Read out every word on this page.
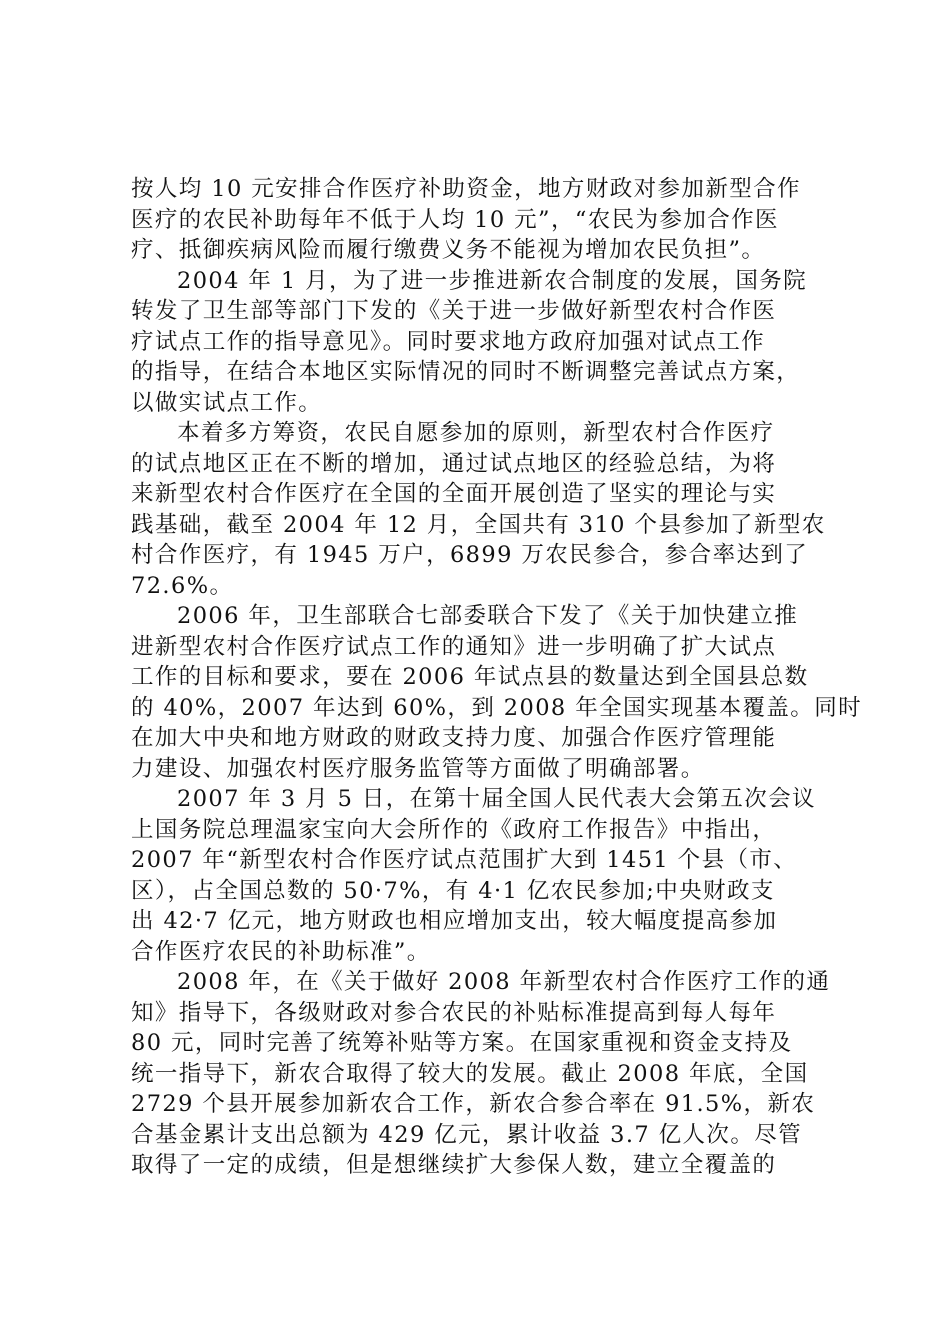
按人均 10 元安排合作医疗补助资金，地方财政对参加新型合作
医疗的农民补助每年不低于人均 10 元”，“农民为参加合作医
疗、抵御疾病风险而履行缴费义务不能视为增加农民负担”。
2004 年 1 月，为了进一步推进新农合制度的发展，国务院
转发了卫生部等部门下发的《关于进一步做好新型农村合作医
疗试点工作的指导意见》。同时要求地方政府加强对试点工作
的指导，在结合本地区实际情况的同时不断调整完善试点方案，
以做实试点工作。
本着多方筹资，农民自愿参加的原则，新型农村合作医疗
的试点地区正在不断的增加，通过试点地区的经验总结，为将
来新型农村合作医疗在全国的全面开展创造了坚实的理论与实
践基础，截至 2004 年 12 月，全国共有 310 个县参加了新型农
村合作医疗，有 1945 万户，6899 万农民参合，参合率达到了
72.6%。
2006 年，卫生部联合七部委联合下发了《关于加快建立推
进新型农村合作医疗试点工作的通知》进一步明确了扩大试点
工作的目标和要求，要在 2006 年试点县的数量达到全国县总数
的 40%，2007 年达到 60%，到 2008 年全国实现基本覆盖。同时
在加大中央和地方财政的财政支持力度、加强合作医疗管理能
力建设、加强农村医疗服务监管等方面做了明确部署。
2007 年 3 月 5 日，在第十届全国人民代表大会第五次会议
上国务院总理温家宝向大会所作的《政府工作报告》中指出，
2007 年“新型农村合作医疗试点范围扩大到 1451 个县（市、
区），占全国总数的 50·7%，有 4·1 亿农民参加;中央财政支
出 42·7 亿元，地方财政也相应增加支出，较大幅度提高参加
合作医疗农民的补助标准”。
2008 年，在《关于做好 2008 年新型农村合作医疗工作的通
知》指导下，各级财政对参合农民的补贴标准提高到每人每年
80 元，同时完善了统筹补贴等方案。在国家重视和资金支持及
统一指导下，新农合取得了较大的发展。截止 2008 年底，全国
2729 个县开展参加新农合工作，新农合参合率在 91.5%，新农
合基金累计支出总额为 429 亿元，累计收益 3.7 亿人次。尽管
取得了一定的成绩，但是想继续扩大参保人数，建立全覆盖的
